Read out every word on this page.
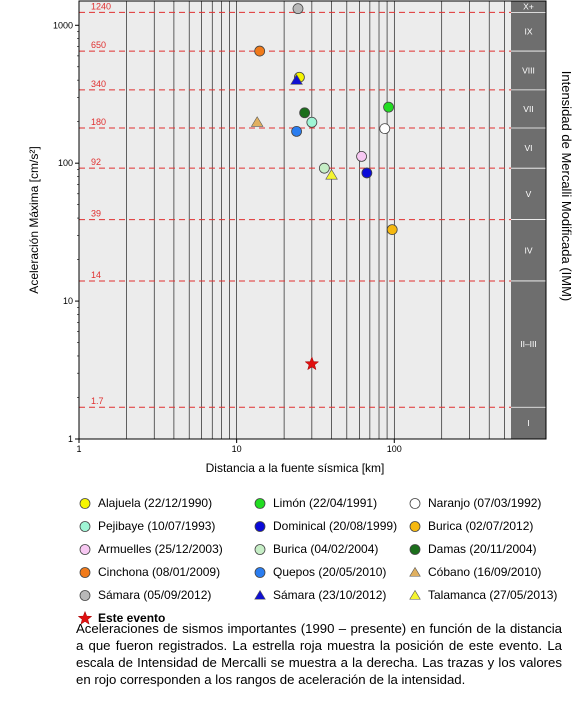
I
II–III
IV
V
VI
VII
VIII
IX
X+
1.7
14
39
92
180
340
650
1240
1	10	100
1
10
100
1000
Distancia a la fuente sísmica [km]
Aceleración Máxima [cm/s²]	Intensidad de Mercalli Modificada (IMM)
Alajuela (22/12/1990)	Limón (22/04/1991)	Naranjo (07/03/1992)
Pejibaye (10/07/1993)	Dominical (20/08/1999)	Burica (02/07/2012)
Armuelles (25/12/2003)	Burica (04/02/2004)	Damas (20/11/2004)
Cinchona (08/01/2009)	Quepos (20/05/2010)	Cóbano (16/09/2010)
Sámara (05/09/2012)	Sámara (23/10/2012)	Talamanca (27/05/2013)
Este evento
Aceleraciones de sismos importantes (1990 – presente) en función de la distancia a que fueron registrados. La estrella roja muestra la posición de este evento. La escala de Intensidad de Mercalli se muestra a la derecha. Las trazas y los valores en rojo corresponden a los rangos de aceleración de la intensidad.
